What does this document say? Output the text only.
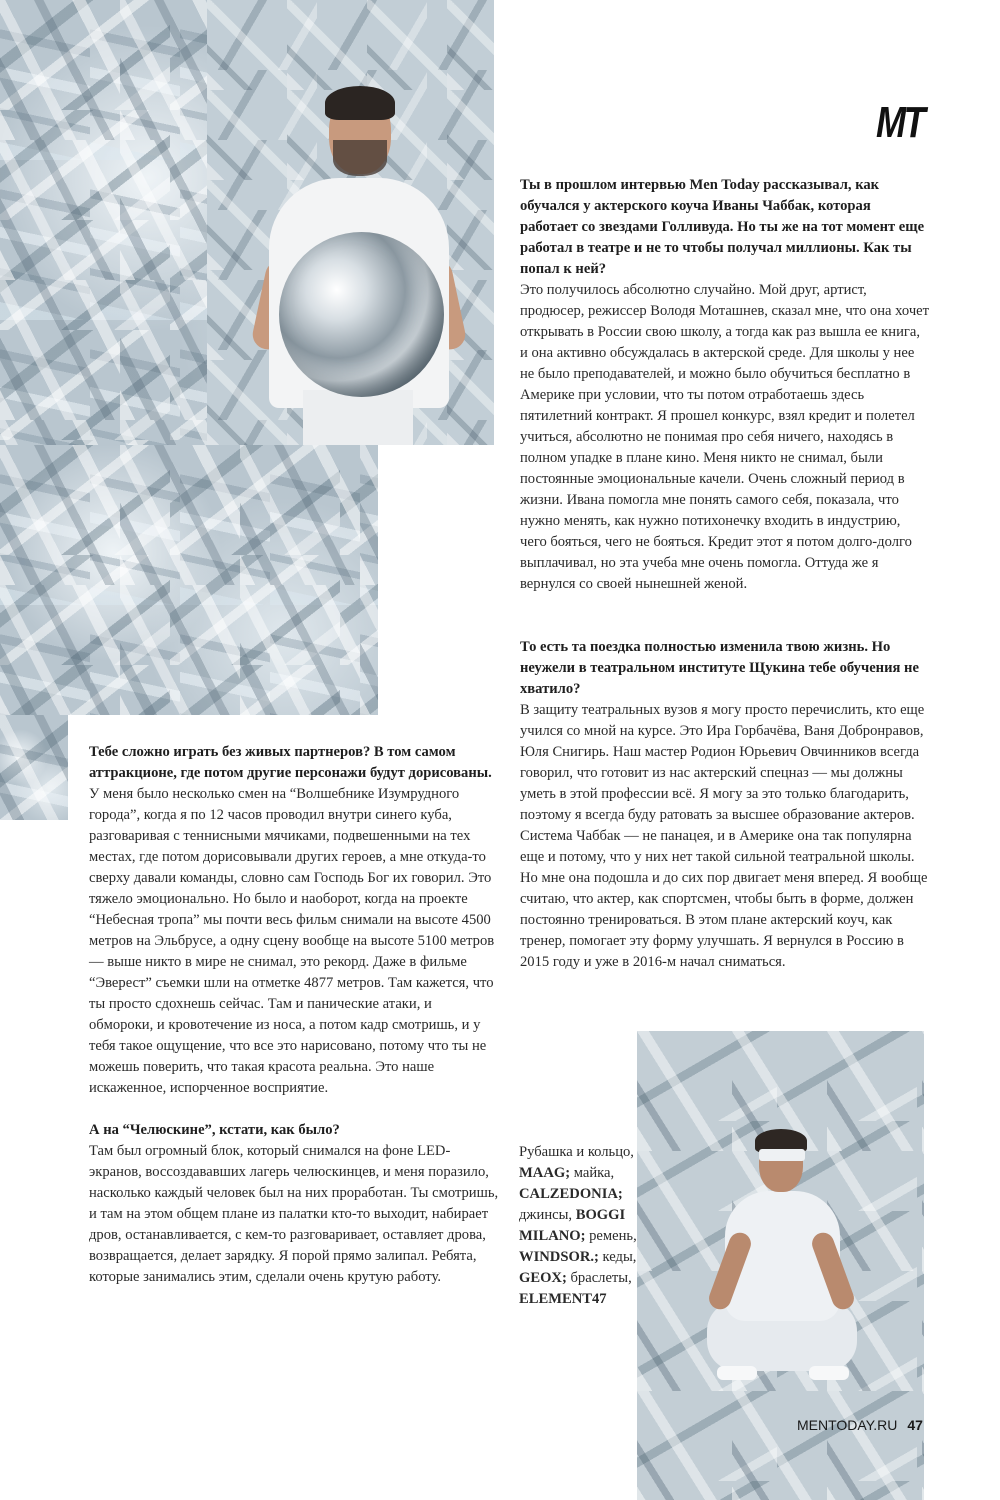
MT

Ты в прошлом интервью Men Today рассказывал, как обучался у актерского коуча Иваны Чаббак, которая работает со звездами Голливуда. Но ты же на тот момент еще работал в театре и не то чтобы получал миллионы. Как ты попал к ней?

Это получилось абсолютно случайно. Мой друг, артист, продюсер, режиссер Володя Моташнев, сказал мне, что она хочет открывать в России свою школу, а тогда как раз вышла ее книга, и она активно обсуждалась в актерской среде. Для школы у нее не было преподавателей, и можно было обучиться бесплатно в Америке при условии, что ты потом отработаешь здесь пятилетний контракт. Я прошел конкурс, взял кредит и полетел учиться, абсолютно не понимая про себя ничего, находясь в полном упадке в плане кино. Меня никто не снимал, были постоянные эмоциональные качели. Очень сложный период в жизни. Ивана помогла мне понять самого себя, показала, что нужно менять, как нужно потихонечку входить в индустрию, чего бояться, чего не бояться. Кредит этот я потом долго-долго выплачивал, но эта учеба мне очень помогла. Оттуда же я вернулся со своей нынешней женой.

То есть та поездка полностью изменила твою жизнь. Но неужели в театральном институте Щукина тебе обучения не хватило?

В защиту театральных вузов я могу просто перечислить, кто еще учился со мной на курсе. Это Ира Горбачёва, Ваня Добронравов, Юля Снигирь. Наш мастер Родион Юрьевич Овчинников всегда говорил, что готовит из нас актерский спецназ — мы должны уметь в этой профессии всё. Я могу за это только благодарить, поэтому я всегда буду ратовать за высшее образование актеров. Система Чаббак — не панацея, и в Америке она так популярна еще и потому, что у них нет такой сильной театральной школы. Но мне она подошла и до сих пор двигает меня вперед. Я вообще считаю, что актер, как спортсмен, чтобы быть в форме, должен постоянно тренироваться. В этом плане актерский коуч, как тренер, помогает эту форму улучшать. Я вернулся в Россию в 2015 году и уже в 2016-м начал сниматься.

Тебе сложно играть без живых партнеров? В том самом аттракционе, где потом другие персонажи будут дорисованы.

У меня было несколько смен на “Волшебнике Изумрудного города”, когда я по 12 часов проводил внутри синего куба, разговаривая с теннисными мячиками, подвешенными на тех местах, где потом дорисовывали других героев, а мне откуда-то сверху давали команды, словно сам Господь Бог их говорил. Это тяжело эмоционально. Но было и наоборот, когда на проекте “Небесная тропа” мы почти весь фильм снимали на высоте 4500 метров на Эльбрусе, а одну сцену вообще на высоте 5100 метров — выше никто в мире не снимал, это рекорд. Даже в фильме “Эверест” съемки шли на отметке 4877 метров. Там кажется, что ты просто сдохнешь сейчас. Там и панические атаки, и обмороки, и кровотечение из носа, а потом кадр смотришь, и у тебя такое ощущение, что все это нарисовано, потому что ты не можешь поверить, что такая красота реальна. Это наше искаженное, испорченное восприятие.

А на “Челюскине”, кстати, как было?

Там был огромный блок, который снимался на фоне LED-экранов, воссоздававших лагерь челюскинцев, и меня поразило, насколько каждый человек был на них проработан. Ты смотришь, и там на этом общем плане из палатки кто-то выходит, набирает дров, останавливается, с кем-то разговаривает, оставляет дрова, возвращается, делает зарядку. Я порой прямо залипал. Ребята, которые занимались этим, сделали очень крутую работу.

Рубашка и кольцо, MAAG; майка, CALZEDONIA; джинсы, BOGGI MILANO; ремень, WINDSOR.; кеды, GEOX; браслеты, ELEMENT47
MENTODAY.RU 47
